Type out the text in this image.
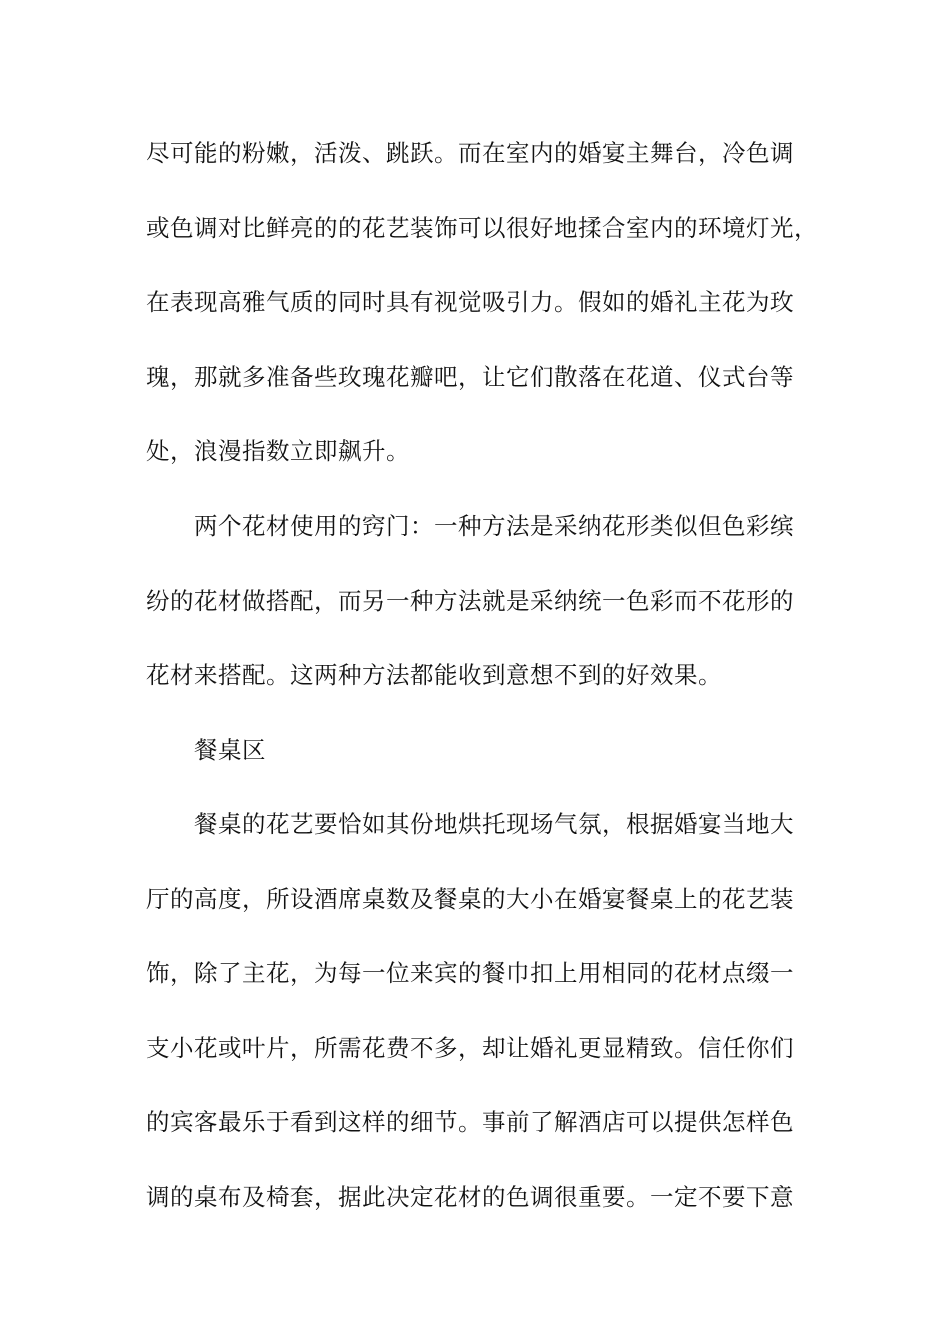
尽可能的粉嫩，活泼、跳跃。而在室内的婚宴主舞台，冷色调
或色调对比鲜亮的的花艺装饰可以很好地揉合室内的环境灯光，
在表现高雅气质的同时具有视觉吸引力。假如的婚礼主花为玫
瑰，那就多准备些玫瑰花瓣吧，让它们散落在花道、仪式台等
处，浪漫指数立即飙升。
两个花材使用的窍门：一种方法是采纳花形类似但色彩缤
纷的花材做搭配，而另一种方法就是采纳统一色彩而不花形的
花材来搭配。这两种方法都能收到意想不到的好效果。
餐桌区
餐桌的花艺要恰如其份地烘托现场气氛，根据婚宴当地大
厅的高度，所设酒席桌数及餐桌的大小在婚宴餐桌上的花艺装
饰，除了主花，为每一位来宾的餐巾扣上用相同的花材点缀一
支小花或叶片，所需花费不多，却让婚礼更显精致。信任你们
的宾客最乐于看到这样的细节。事前了解酒店可以提供怎样色
调的桌布及椅套，据此决定花材的色调很重要。一定不要下意
